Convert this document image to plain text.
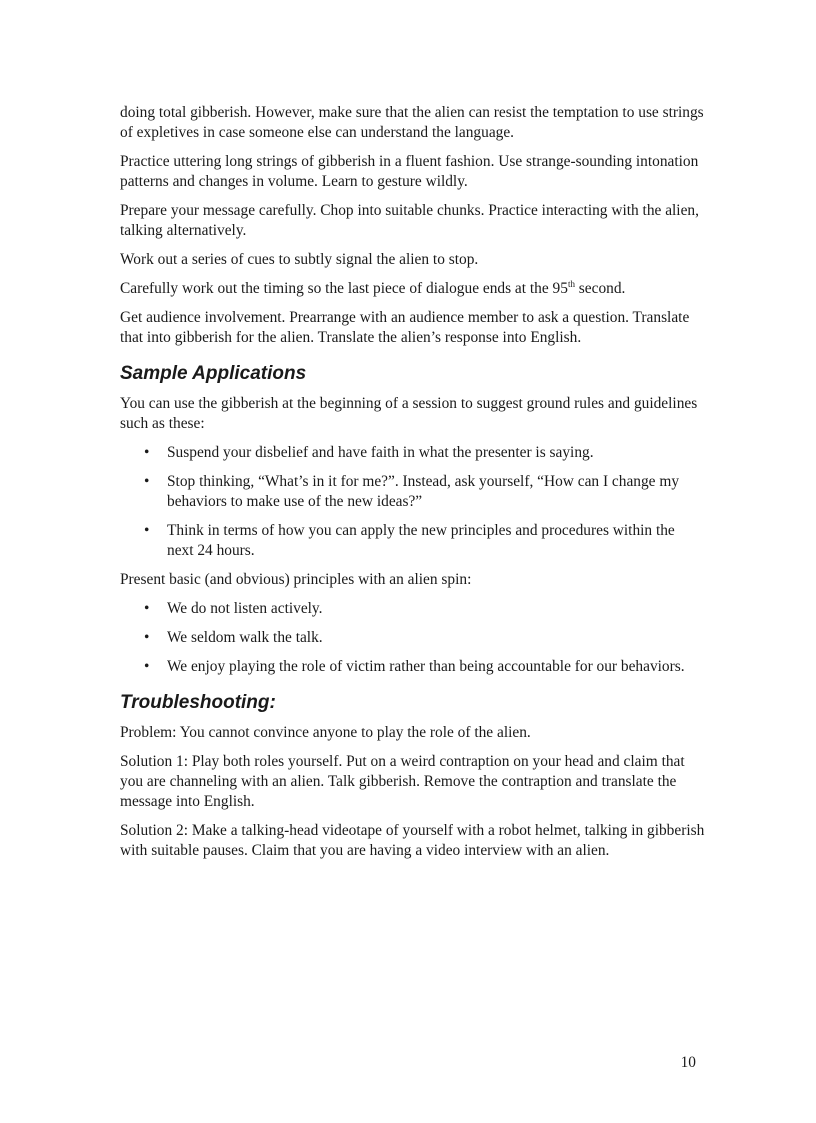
doing total gibberish. However, make sure that the alien can resist the temptation to use strings of expletives in case someone else can understand the language.

Practice uttering long strings of gibberish in a fluent fashion. Use strange-sounding intonation patterns and changes in volume. Learn to gesture wildly.

Prepare your message carefully. Chop into suitable chunks. Practice interacting with the alien, talking alternatively.

Work out a series of cues to subtly signal the alien to stop.

Carefully work out the timing so the last piece of dialogue ends at the 95th second.

Get audience involvement. Prearrange with an audience member to ask a question. Translate that into gibberish for the alien. Translate the alien’s response into English.

Sample Applications

You can use the gibberish at the beginning of a session to suggest ground rules and guidelines such as these:

• Suspend your disbelief and have faith in what the presenter is saying.
• Stop thinking, “What’s in it for me?”. Instead, ask yourself, “How can I change my behaviors to make use of the new ideas?”
• Think in terms of how you can apply the new principles and procedures within the next 24 hours.

Present basic (and obvious) principles with an alien spin:

• We do not listen actively.
• We seldom walk the talk.
• We enjoy playing the role of victim rather than being accountable for our behaviors.
Troubleshooting:

Problem: You cannot convince anyone to play the role of the alien.

Solution 1: Play both roles yourself. Put on a weird contraption on your head and claim that you are channeling with an alien. Talk gibberish. Remove the contraption and translate the message into English.

Solution 2: Make a talking-head videotape of yourself with a robot helmet, talking in gibberish with suitable pauses. Claim that you are having a video interview with an alien.

10
